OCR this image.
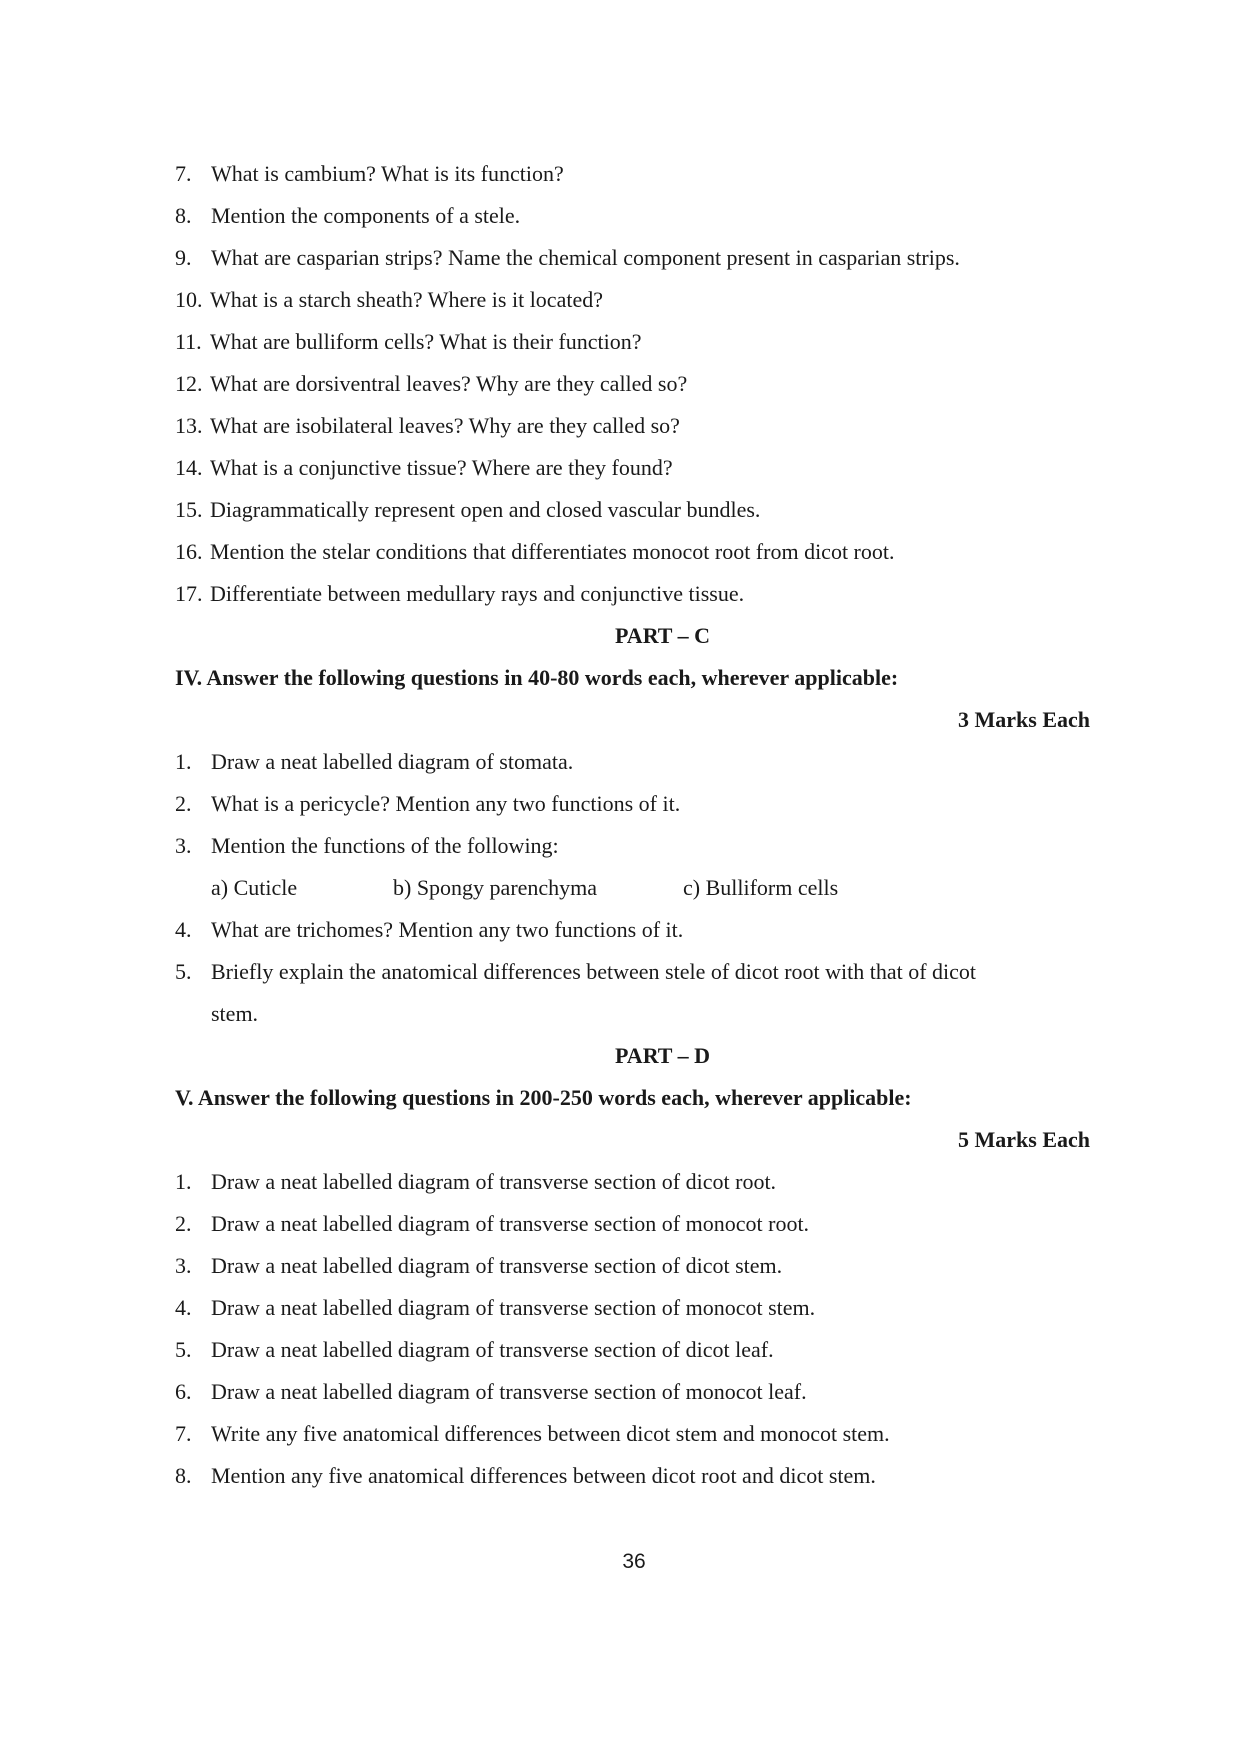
7. What is cambium? What is its function?
8. Mention the components of a stele.
9. What are casparian strips? Name the chemical component present in casparian strips.
10. What is a starch sheath? Where is it located?
11. What are bulliform cells? What is their function?
12. What are dorsiventral leaves? Why are they called so?
13. What are isobilateral leaves? Why are they called so?
14. What is a conjunctive tissue? Where are they found?
15. Diagrammatically represent open and closed vascular bundles.
16. Mention the stelar conditions that differentiates monocot root from dicot root.
17. Differentiate between medullary rays and conjunctive tissue.
PART – C
IV. Answer the following questions in 40-80 words each, wherever applicable:
3 Marks Each
1. Draw a neat labelled diagram of stomata.
2. What is a pericycle? Mention any two functions of it.
3. Mention the functions of the following:
a) Cuticle	b) Spongy parenchyma	c) Bulliform cells
4. What are trichomes? Mention any two functions of it.
5. Briefly explain the anatomical differences between stele of dicot root with that of dicot
stem.
PART – D
V. Answer the following questions in 200-250 words each, wherever applicable:
5 Marks Each
1. Draw a neat labelled diagram of transverse section of dicot root.
2. Draw a neat labelled diagram of transverse section of monocot root.
3. Draw a neat labelled diagram of transverse section of dicot stem.
4. Draw a neat labelled diagram of transverse section of monocot stem.
5. Draw a neat labelled diagram of transverse section of dicot leaf.
6. Draw a neat labelled diagram of transverse section of monocot leaf.
7. Write any five anatomical differences between dicot stem and monocot stem.
8. Mention any five anatomical differences between dicot root and dicot stem.
36
